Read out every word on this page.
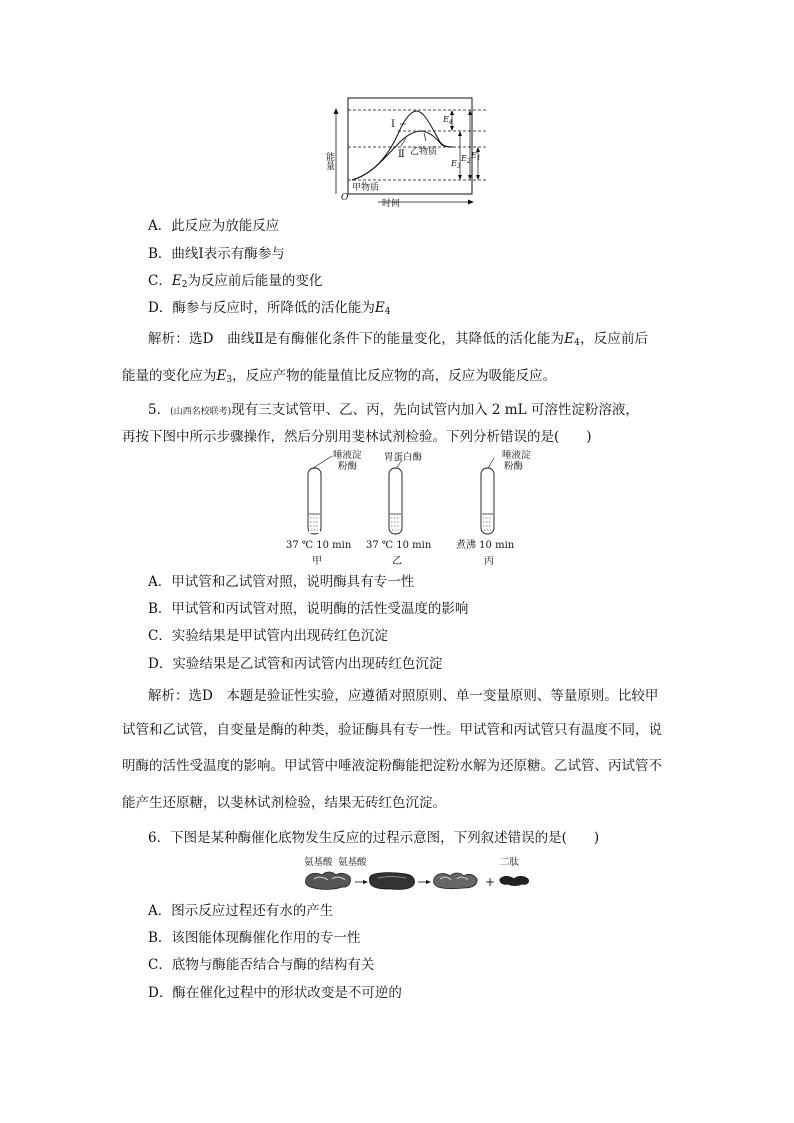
能量
时间
O
Ⅰ
Ⅱ 乙物质
甲物质
$E_4$
$E_3$
$E_2$
$E_1$
A．此反应为放能反应
B．曲线Ⅰ表示有酶参与
C．$E_2$为反应前后能量的变化
D．酶参与反应时，所降低的活化能为$E_4$
解析：选D　曲线Ⅱ是有酶催化条件下的能量变化，其降低的活化能为$E_4$，反应前后
能量的变化应为$E_3$，反应产物的能量值比反应物的高，反应为吸能反应。
5．(山西名校联考)现有三支试管甲、乙、丙，先向试管内加入 2 mL 可溶性淀粉溶液，
再按下图中所示步骤操作，然后分别用斐林试剂检验。下列分析错误的是(　　)
唾液淀
粉酶
胃蛋白酶	唾液淀
粉酶
37 ℃ 10 min 37 ℃ 10 min 煮沸 10 min
甲	乙	丙
A．甲试管和乙试管对照，说明酶具有专一性
B．甲试管和丙试管对照，说明酶的活性受温度的影响
C．实验结果是甲试管内出现砖红色沉淀
D．实验结果是乙试管和丙试管内出现砖红色沉淀
解析：选D　本题是验证性实验，应遵循对照原则、单一变量原则、等量原则。比较甲
试管和乙试管，自变量是酶的种类，验证酶具有专一性。甲试管和丙试管只有温度不同，说
明酶的活性受温度的影响。甲试管中唾液淀粉酶能把淀粉水解为还原糖。乙试管、丙试管不
能产生还原糖，以斐林试剂检验，结果无砖红色沉淀。
6．下图是某种酶催化底物发生反应的过程示意图，下列叙述错误的是(　　)
氨基酸 氨基酸	二肽
+
A．图示反应过程还有水的产生
B．该图能体现酶催化作用的专一性
C．底物与酶能否结合与酶的结构有关
D．酶在催化过程中的形状改变是不可逆的
